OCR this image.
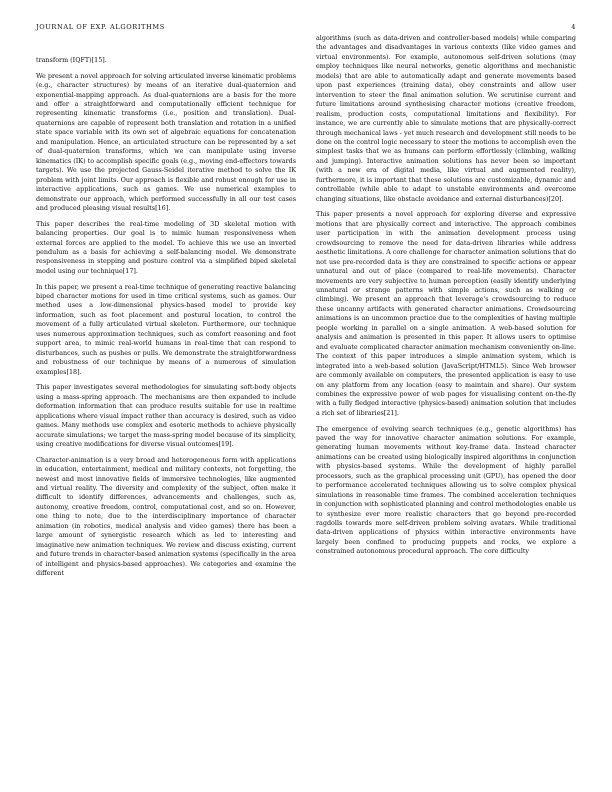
JOURNAL OF EXP. ALGORITHMS	4

transform (IQFT)[15].

We present a novel approach for solving articulated inverse kinematic problems (e.g., character structures) by means of an iterative dual-quaternion and exponential-mapping approach. As dual-quaternions are a basis for the more and offer a straightforward and computationally efficient technique for representing kinematic transforms (i.e., position and translation). Dual-quaternions are capable of represent both translation and rotation in a unified state space variable with its own set of algebraic equations for concatenation and manipulation. Hence, an articulated structure can be represented by a set of dual-quaternion transforms, which we can manipulate using inverse kinematics (IK) to accomplish specific goals (e.g., moving end-effectors towards targets). We use the projected Gauss-Seidel iterative method to solve the IK problem with joint limits. Our approach is flexible and robust enough for use in interactive applications, such as games. We use numerical examples to demonstrate our approach, which performed successfully in all our test cases and produced pleasing visual results[16].

This paper describes the real-time modeling of 3D skeletal motion with balancing properties. Our goal is to mimic human responsiveness when external forces are applied to the model. To achieve this we use an inverted pendulum as a basis for achieving a self-balancing model. We demonstrate responsiveness in stepping and posture control via a simplified biped skeletal model using our technique[17].

In this paper, we present a real-time technique of generating reactive balancing biped character motions for used in time critical systems, such as games. Our method uses a low-dimensional physics-based model to provide key information, such as foot placement and postural location, to control the movement of a fully articulated virtual skeleton. Furthermore, our technique uses numerous approximation techniques, such as comfort reasoning and foot support area, to mimic real-world humans in real-time that can respond to disturbances, such as pushes or pulls. We demonstrate the straightforwardness and robustness of our technique by means of a numerous of simulation examples[18].

This paper investigates several methodologies for simulating soft-body objects using a mass-spring approach. The mechanisms are then expanded to include deformation information that can produce results suitable for use in realtime applications where visual impact rather than accuracy is desired, such as video games. Many methods use complex and esoteric methods to achieve physically accurate simulations; we target the mass-spring model because of its simplicity, using creative modifications for diverse visual outcomes[19].

Character-animation is a very broad and heterogeneous form with applications in education, entertainment, medical and military contexts, not forgetting, the newest and most innovative fields of immersive technologies, like augmented and virtual reality. The diversity and complexity of the subject, often make it difficult to identify differences, advancements and challenges, such as, autonomy, creative freedom, control, computational cost, and so on. However, one thing to note, due to the interdisciplinary importance of character animation (in robotics, medical analysis and video games) there has been a large amount of synergistic research which as led to interesting and imaginative new animation techniques. We review and discuss existing, current and future trends in character-based animation systems (specifically in the area of intelligent and physics-based approaches). We categories and examine the different

algorithms (such as data-driven and controller-based models) while comparing the advantages and disadvantages in various contexts (like video games and virtual environments). For example, autonomous self-driven solutions (may employ techniques like neural networks, genetic algorithms and mechanistic models) that are able to automatically adapt and generate movements based upon past experiences (training data), obey constraints and allow user intervention to steer the final animation solution. We scrutinise current and future limitations around synthesising character motions (creative freedom, realism, production costs, computational limitations and flexibility). For instance, we are currently able to simulate motions that are physically-correct through mechanical laws - yet much research and development still needs to be done on the control logic necessary to steer the motions to accomplish even the simplest tasks that we as humans can perform effortlessly (climbing, walking and jumping). Interactive animation solutions has never been so important (with a new era of digital media, like virtual and augmented reality), furthermore, it is important that these solutions are customizable, dynamic and controllable (while able to adapt to unstable environments and overcome changing situations, like obstacle avoidance and external disturbances)[20].

This paper presents a novel approach for exploring diverse and expressive motions that are physically correct and interactive. The approach combines user participation in with the animation development process using crowdsourcing to remove the need for data-driven libraries while address aesthetic limitations. A core challenge for character animation solutions that do not use pre-recorded data is they are constrained to specific actions or appear unnatural and out of place (compared to real-life movements). Character movements are very subjective to human perception (easily identify underlying unnatural or strange patterns with simple actions, such as walking or climbing). We present an approach that leverage's crowdsourcing to reduce these uncanny artifacts with generated character animations. Crowdsourcing animations is an uncommon practice due to the complexities of having multiple people working in parallel on a single animation. A web-based solution for analysis and animation is presented in this paper. It allows users to optimise and evaluate complicated character animation mechanism conveniently on-line. The context of this paper introduces a simple animation system, which is integrated into a web-based solution (JavaScript/HTML5). Since Web browser are commonly available on computers, the presented application is easy to use on any platform from any location (easy to maintain and share). Our system combines the expressive power of web pages for visualising content on-the-fly with a fully fledged interactive (physics-based) animation solution that includes a rich set of libraries[21].

The emergence of evolving search techniques (e.g., genetic algorithms) has paved the way for innovative character animation solutions. For example, generating human movements without key-frame data. Instead character animations can be created using biologically inspired algorithms in conjunction with physics-based systems. While the development of highly parallel processors, such as the graphical processing unit (GPU), has opened the door to performance accelerated techniques allowing us to solve complex physical simulations in reasonable time frames. The combined acceleration techniques in conjunction with sophisticated planning and control methodologies enable us to synthesize ever more realistic characters that go beyond pre-recorded ragdolls towards more self-driven problem solving avatars. While traditional data-driven applications of physics within interactive environments have largely been confined to producing puppets and rocks, we explore a constrained autonomous procedural approach. The core difficulty
